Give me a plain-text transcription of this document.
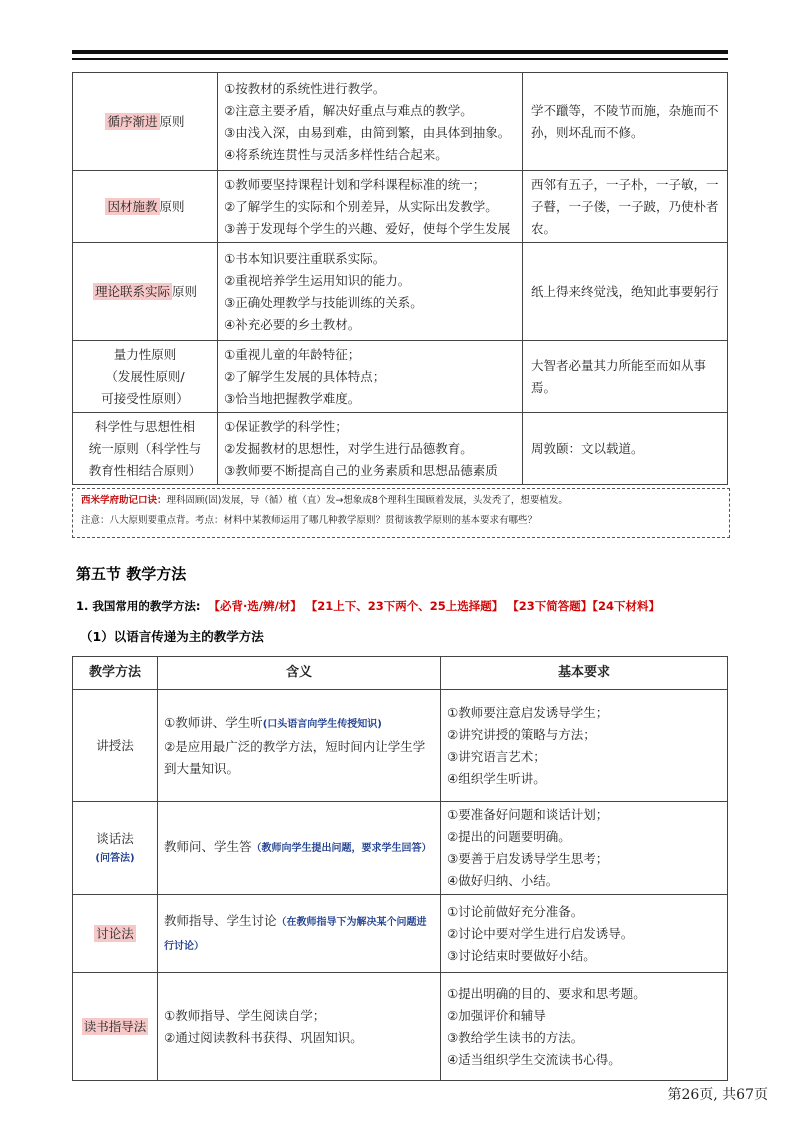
循序渐进 原则	①按教材的系统性进行教学。
②注意主要矛盾，解决好重点与难点的教学。
③由浅入深，由易到难，由简到繁，由具体到抽象。
④将系统连贯性与灵活多样性结合起来。	学不躐等，不陵节而施，杂施而不孙，则坏乱而不修。
因材施教 原则	①教师要坚持课程计划和学科课程标准的统一；
②了解学生的实际和个别差异，从实际出发教学。
③善于发现每个学生的兴趣、爱好，使每个学生发展	西邻有五子，一子朴，一子敏，一子瞽，一子偻，一子跛，乃使朴者农。
理论联系实际 原则	①书本知识要注重联系实际。
②重视培养学生运用知识的能力。
③正确处理教学与技能训练的关系。
④补充必要的乡土教材。	纸上得来终觉浅，绝知此事要躬行

量力性原则
（发展性原则/
可接受性原则）	①重视儿童的年龄特征；
②了解学生发展的具体特点；
③恰当地把握教学难度。	大智者必量其力所能至而如从事焉。

科学性与思想性相
统一原则（科学性与
教育性相结合原则）	①保证教学的科学性；
②发掘教材的思想性，对学生进行品德教育。
③教师要不断提高自己的业务素质和思想品德素质	周敦颐：文以载道。
西米学府助记口诀：理科固顾(固)发展，导（循）植（直）发→想象成8个理科生围顾着发展，头发秃了，想要植发。
注意：八大原则要重点背。考点：材料中某教师运用了哪几种教学原则？贯彻该教学原则的基本要求有哪些？
第五节 教学方法
1. 我国常用的教学方法: 【必背·选/辨/材】 【21上下、23下两个、25上选择题】 【23下简答题】【24下材料】
（1）以语言传递为主的教学方法
教学方法	含义	基本要求
讲授法	①教师讲、学生听(口头语言向学生传授知识)
②是应用最广泛的教学方法，短时间内让学生学到大量知识。	①教师要注意启发诱导学生；
②讲究讲授的策略与方法；
③讲究语言艺术；
④组织学生听讲。

谈话法
(问答法)	教师问、学生答（教师向学生提出问题，要求学生回答）	①要准备好问题和谈话计划；
②提出的问题要明确。
③要善于启发诱导学生思考；
④做好归纳、小结。

讨论法	教师指导、学生讨论（在教师指导下为解决某个问题进行讨论）	①讨论前做好充分准备。
②讨论中要对学生进行启发诱导。
③讨论结束时要做好小结。

读书指导法	①教师指导、学生阅读自学；
②通过阅读教科书获得、巩固知识。	①提出明确的目的、要求和思考题。
②加强评价和辅导
③教给学生读书的方法。
④适当组织学生交流读书心得。
第26页, 共67页
